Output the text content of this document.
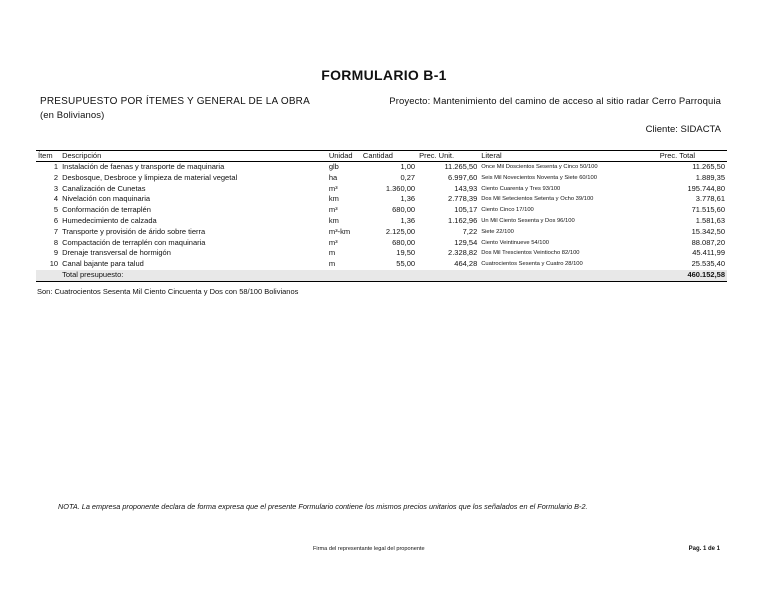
FORMULARIO B-1
PRESUPUESTO POR ÍTEMES Y GENERAL DE LA OBRA
(en Bolivianos)
Proyecto: Mantenimiento del camino de acceso al sitio radar Cerro Parroquia
Cliente: SIDACTA
Ítem	Descripción	Unidad	Cantidad	Prec. Unit.	Literal	Prec. Total
1	Instalación de faenas y transporte de maquinaria	glb	1,00	11.265,50	Once Mil Doscientos Sesenta y Cinco 50/100	11.265,50
2	Desbosque, Desbroce y limpieza de material vegetal	ha	0,27	6.997,60	Seis Mil Novecientos Noventa y Siete 60/100	1.889,35
3	Canalización de Cunetas	m³	1.360,00	143,93	Ciento Cuarenta y Tres 93/100	195.744,80
4	Nivelación con maquinaria	km	1,36	2.778,39	Dos Mil Setecientos Setenta y Ocho 39/100	3.778,61
5	Conformación de terraplén	m³	680,00	105,17	Ciento Cinco 17/100	71.515,60
6	Humedecimiento de calzada	km	1,36	1.162,96	Un Mil Ciento Sesenta y Dos 96/100	1.581,63
7	Transporte y provisión de árido sobre tierra	m³-km	2.125,00	7,22	Siete 22/100	15.342,50
8	Compactación de terraplén con maquinaria	m³	680,00	129,54	Ciento Veintinueve 54/100	88.087,20
9	Drenaje transversal de hormigón	m	19,50	2.328,82	Dos Mil Trescientos Veintiocho 82/100	45.411,99
10	Canal bajante para talud	m	55,00	464,28	Cuatrocientos Sesenta y Cuatro 28/100	25.535,40
	Total presupuesto:					460.152,58
Son: Cuatrocientos Sesenta Mil Ciento Cincuenta y Dos con 58/100 Bolivianos
NOTA. La empresa proponente declara de forma expresa que el presente Formulario contiene los mismos precios unitarios que los señalados en el Formulario B-2.
Firma del representante legal del proponente	Pag. 1 de 1
